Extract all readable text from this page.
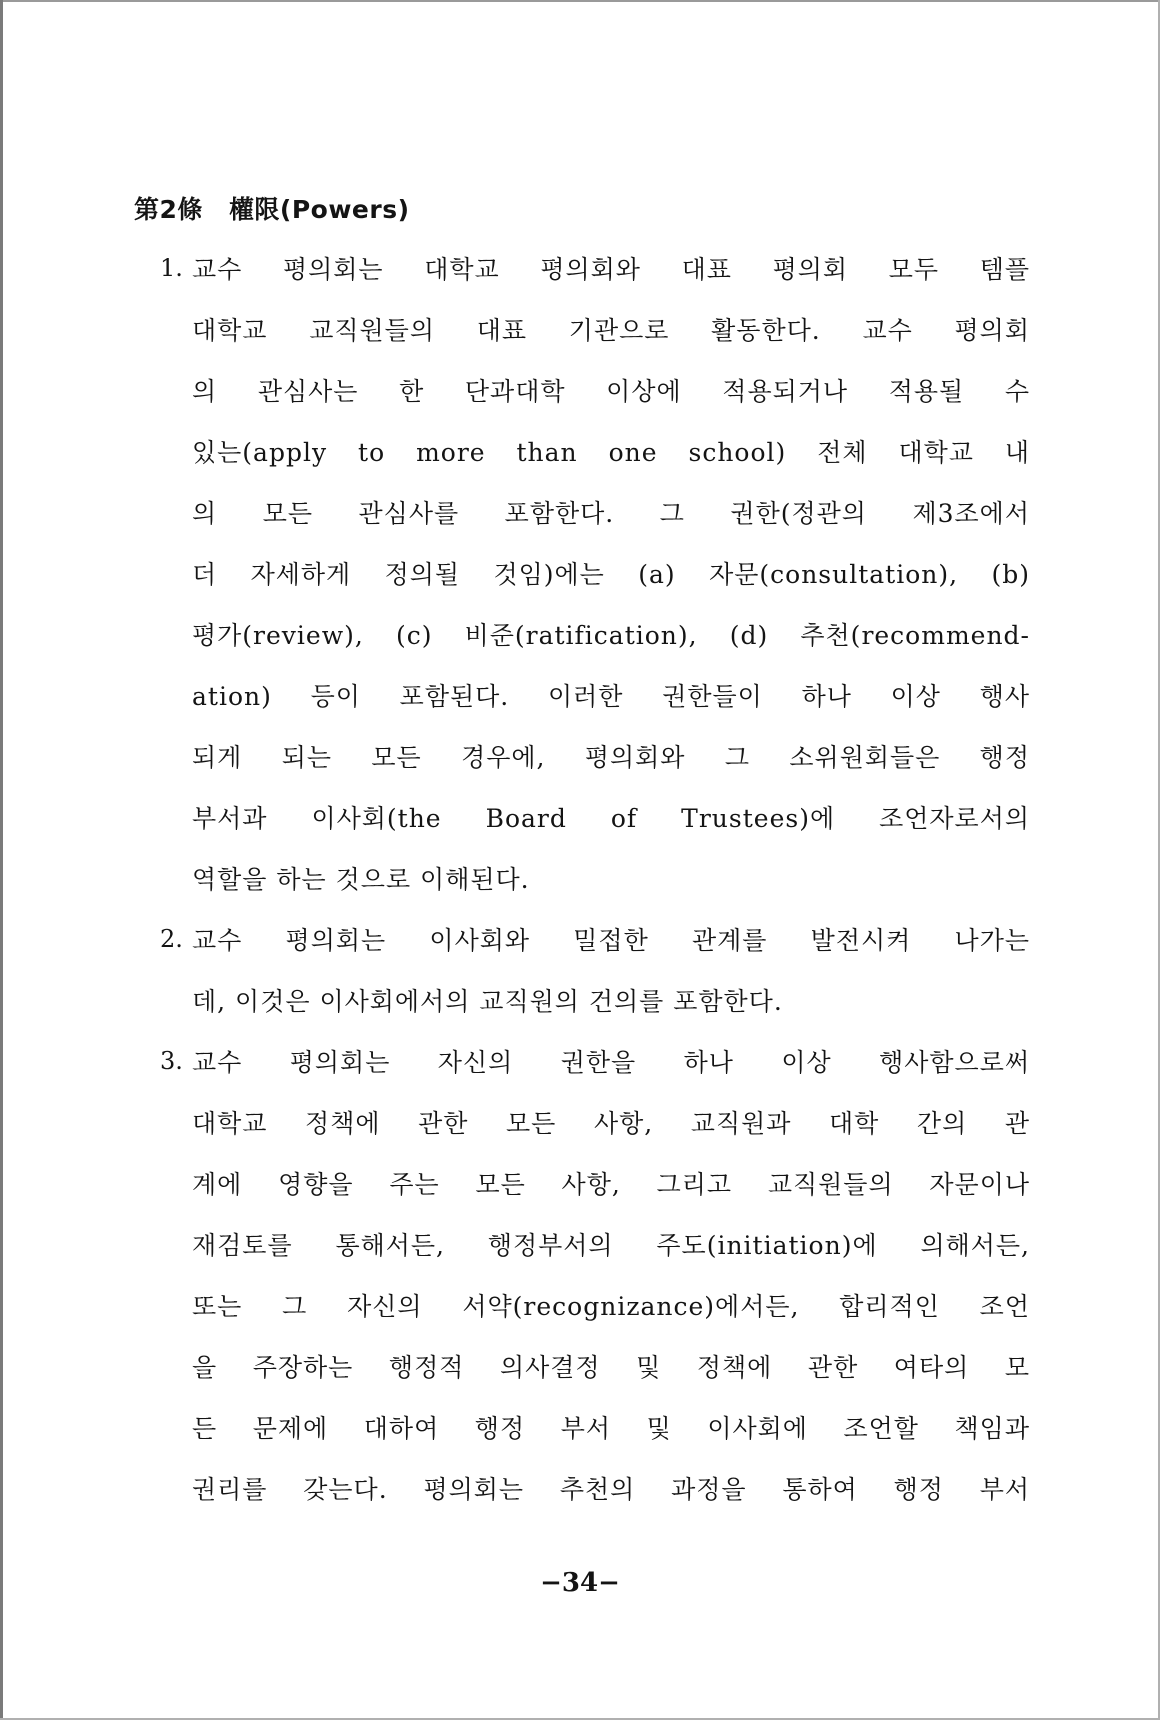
第2條 權限(Powers)
1. 교수 평의회는 대학교 평의회와 대표 평의회 모두 템플
대학교 교직원들의 대표 기관으로 활동한다. 교수 평의회
의 관심사는 한 단과대학 이상에 적용되거나 적용될 수
있는(apply to more than one school) 전체 대학교 내
의 모든 관심사를 포함한다. 그 권한(정관의 제3조에서
더 자세하게 정의될 것임)에는 (a) 자문(consultation), (b)
평가(review), (c) 비준(ratification), (d) 추천(recommend-
ation) 등이 포함된다. 이러한 권한들이 하나 이상 행사
되게 되는 모든 경우에, 평의회와 그 소위원회들은 행정
부서과 이사회(the Board of Trustees)에 조언자로서의
역할을 하는 것으로 이해된다.
2. 교수 평의회는 이사회와 밀접한 관계를 발전시켜 나가는
데, 이것은 이사회에서의 교직원의 건의를 포함한다.
3. 교수 평의회는 자신의 권한을 하나 이상 행사함으로써
대학교 정책에 관한 모든 사항, 교직원과 대학 간의 관
계에 영향을 주는 모든 사항, 그리고 교직원들의 자문이나
재검토를 통해서든, 행정부서의 주도(initiation)에 의해서든,
또는 그 자신의 서약(recognizance)에서든, 합리적인 조언
을 주장하는 행정적 의사결정 및 정책에 관한 여타의 모
든 문제에 대하여 행정 부서 및 이사회에 조언할 책임과
권리를 갖는다. 평의회는 추천의 과정을 통하여 행정 부서
−34−
